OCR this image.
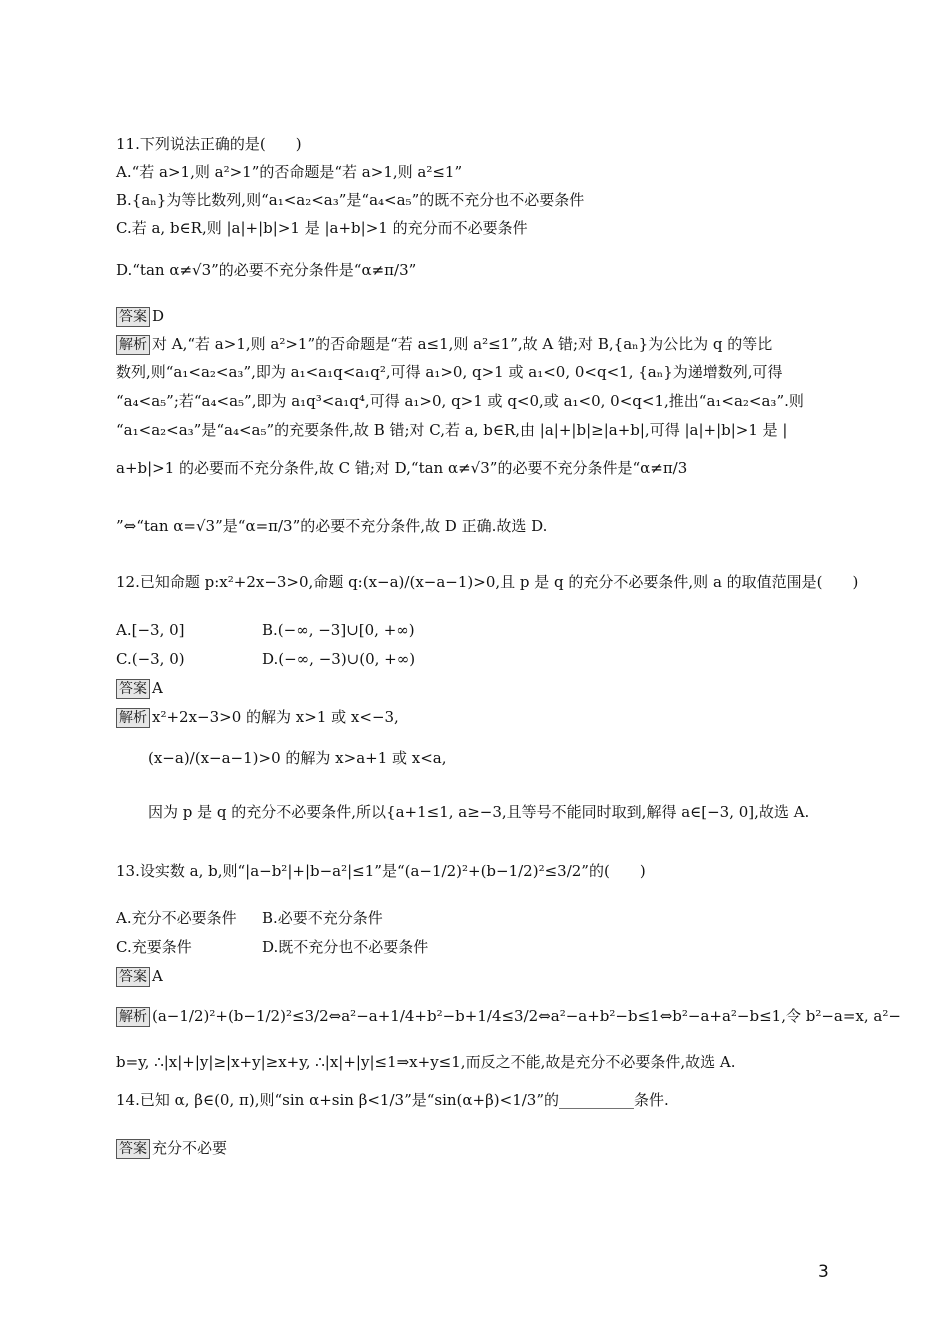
11.下列说法正确的是(　　)
A.“若 a>1,则 a²>1”的否命题是“若 a>1,则 a²≤1”
B.{aₙ}为等比数列,则“a₁<a₂<a₃”是“a₄<a₅”的既不充分也不必要条件
C.若 a, b∈R,则 |a|+|b|>1 是 |a+b|>1 的充分而不必要条件
D.“tan α≠√3”的必要不充分条件是“α≠π/3”
答案 D
解析 对 A,“若 a>1,则 a²>1”的否命题是“若 a≤1,则 a²≤1”,故 A 错;对 B,{aₙ}为公比为 q 的等比
数列,则“a₁<a₂<a₃”,即为 a₁<a₁q<a₁q²,可得 a₁>0, q>1 或 a₁<0, 0<q<1, {aₙ}为递增数列,可得
“a₄<a₅”;若“a₄<a₅”,即为 a₁q³<a₁q⁴,可得 a₁>0, q>1 或 q<0,或 a₁<0, 0<q<1,推出“a₁<a₂<a₃”.则
“a₁<a₂<a₃”是“a₄<a₅”的充要条件,故 B 错;对 C,若 a, b∈R,由 |a|+|b|≥|a+b|,可得 |a|+|b|>1 是 |
a+b|>1 的必要而不充分条件,故 C 错;对 D,“tan α≠√3”的必要不充分条件是“α≠π/3
”⇔“tan α=√3”是“α=π/3”的必要不充分条件,故 D 正确.故选 D.
12.已知命题 p:x²+2x−3>0,命题 q:(x−a)/(x−a−1)>0,且 p 是 q 的充分不必要条件,则 a 的取值范围是(　　)
A.[−3, 0]	B.(−∞, −3]∪[0, +∞)
C.(−3, 0)	D.(−∞, −3)∪(0, +∞)
答案 A
解析 x²+2x−3>0 的解为 x>1 或 x<−3,
(x−a)/(x−a−1)>0 的解为 x>a+1 或 x<a,
因为 p 是 q 的充分不必要条件,所以{a+1≤1, a≥−3,且等号不能同时取到,解得 a∈[−3, 0],故选 A.
13.设实数 a, b,则“|a−b²|+|b−a²|≤1”是“(a−1/2)²+(b−1/2)²≤3/2”的(　　)
A.充分不必要条件 B.必要不充分条件
C.充要条件	D.既不充分也不必要条件
答案 A
解析 (a−1/2)²+(b−1/2)²≤3/2⇔a²−a+1/4+b²−b+1/4≤3/2⇔a²−a+b²−b≤1⇔b²−a+a²−b≤1,令 b²−a=x, a²−
b=y, ∴|x|+|y|≥|x+y|≥x+y, ∴|x|+|y|≤1⇒x+y≤1,而反之不能,故是充分不必要条件,故选 A.
14.已知 α, β∈(0, π),则“sin α+sin β<1/3”是“sin(α+β)<1/3”的__________条件.
答案 充分不必要
3
